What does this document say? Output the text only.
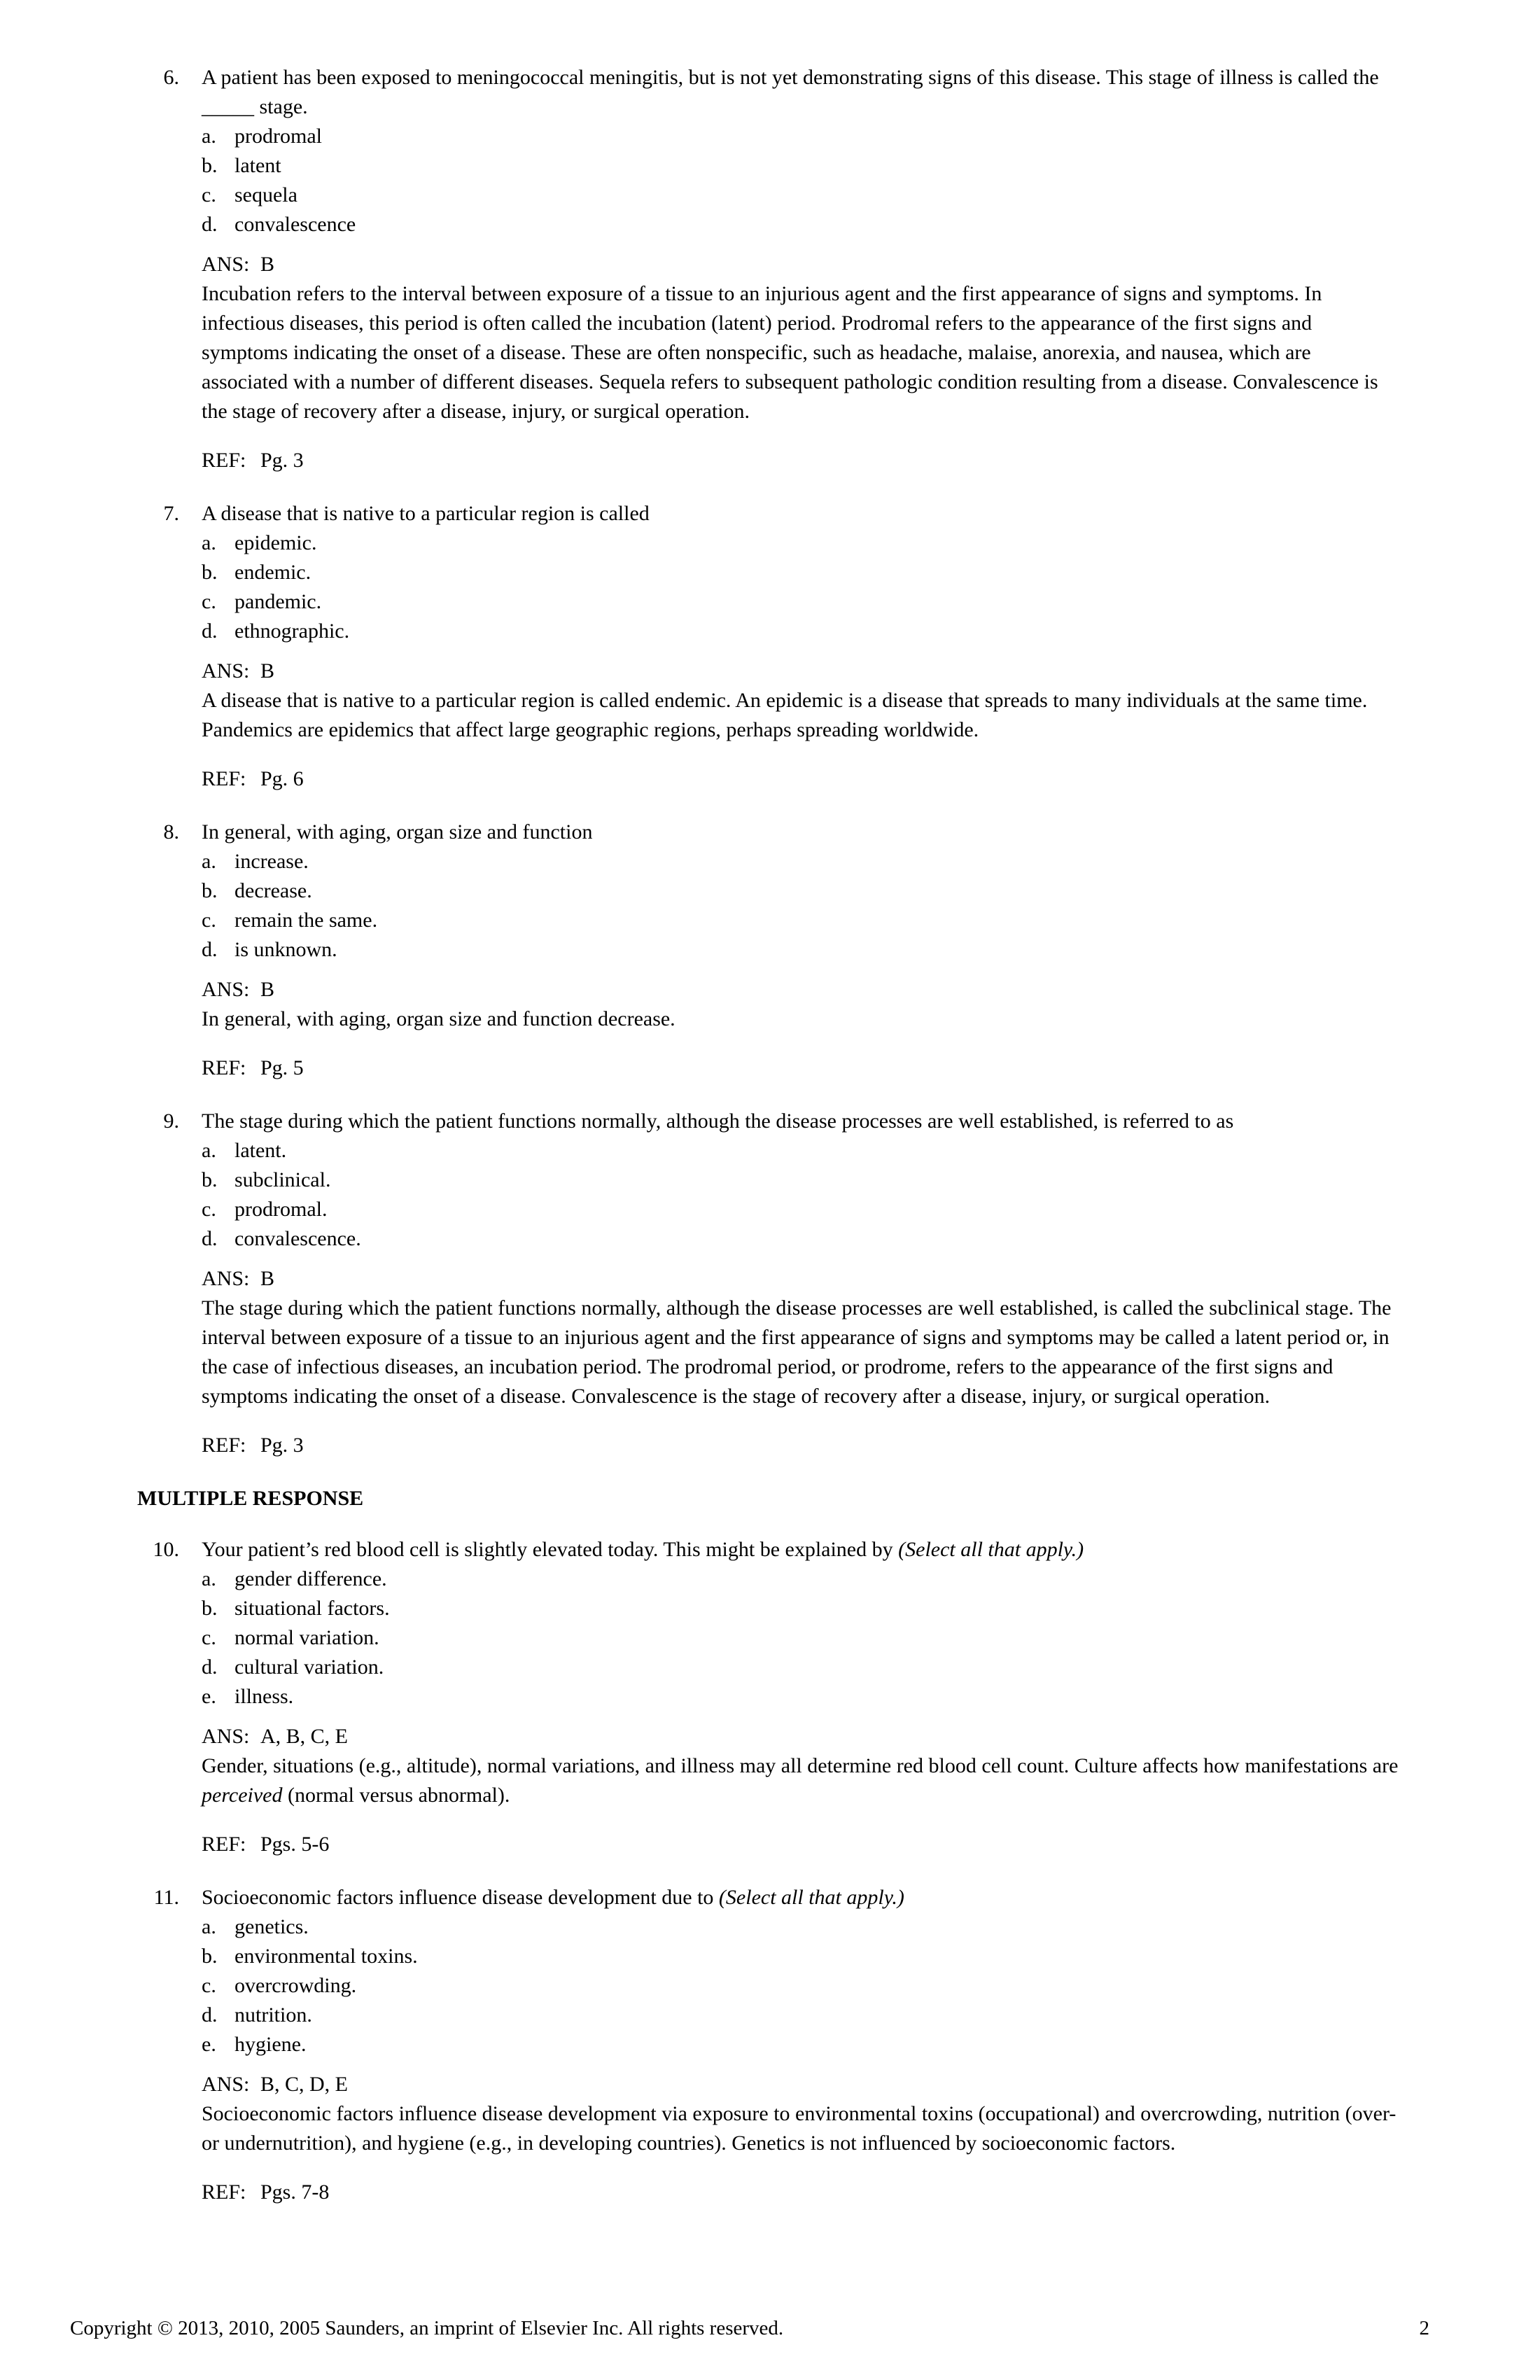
6. A patient has been exposed to meningococcal meningitis, but is not yet demonstrating signs of this disease. This stage of illness is called the _____ stage.
a. prodromal
b. latent
c. sequela
d. convalescence
ANS: B
Incubation refers to the interval between exposure of a tissue to an injurious agent and the first appearance of signs and symptoms. In infectious diseases, this period is often called the incubation (latent) period. Prodromal refers to the appearance of the first signs and symptoms indicating the onset of a disease. These are often nonspecific, such as headache, malaise, anorexia, and nausea, which are associated with a number of different diseases. Sequela refers to subsequent pathologic condition resulting from a disease. Convalescence is the stage of recovery after a disease, injury, or surgical operation.
REF: Pg. 3
7. A disease that is native to a particular region is called
a. epidemic.
b. endemic.
c. pandemic.
d. ethnographic.
ANS: B
A disease that is native to a particular region is called endemic. An epidemic is a disease that spreads to many individuals at the same time. Pandemics are epidemics that affect large geographic regions, perhaps spreading worldwide.
REF: Pg. 6
8. In general, with aging, organ size and function
a. increase.
b. decrease.
c. remain the same.
d. is unknown.
ANS: B
In general, with aging, organ size and function decrease.
REF: Pg. 5
9. The stage during which the patient functions normally, although the disease processes are well established, is referred to as
a. latent.
b. subclinical.
c. prodromal.
d. convalescence.
ANS: B
The stage during which the patient functions normally, although the disease processes are well established, is called the subclinical stage. The interval between exposure of a tissue to an injurious agent and the first appearance of signs and symptoms may be called a latent period or, in the case of infectious diseases, an incubation period. The prodromal period, or prodrome, refers to the appearance of the first signs and symptoms indicating the onset of a disease. Convalescence is the stage of recovery after a disease, injury, or surgical operation.
REF: Pg. 3
MULTIPLE RESPONSE
10. Your patient’s red blood cell is slightly elevated today. This might be explained by (Select all that apply.)
a. gender difference.
b. situational factors.
c. normal variation.
d. cultural variation.
e. illness.
ANS: A, B, C, E
Gender, situations (e.g., altitude), normal variations, and illness may all determine red blood cell count. Culture affects how manifestations are perceived (normal versus abnormal).
REF: Pgs. 5-6
11. Socioeconomic factors influence disease development due to (Select all that apply.)
a. genetics.
b. environmental toxins.
c. overcrowding.
d. nutrition.
e. hygiene.
ANS: B, C, D, E
Socioeconomic factors influence disease development via exposure to environmental toxins (occupational) and overcrowding, nutrition (over- or undernutrition), and hygiene (e.g., in developing countries). Genetics is not influenced by socioeconomic factors.
REF: Pgs. 7-8
Copyright © 2013, 2010, 2005 Saunders, an imprint of Elsevier Inc. All rights reserved.	2
